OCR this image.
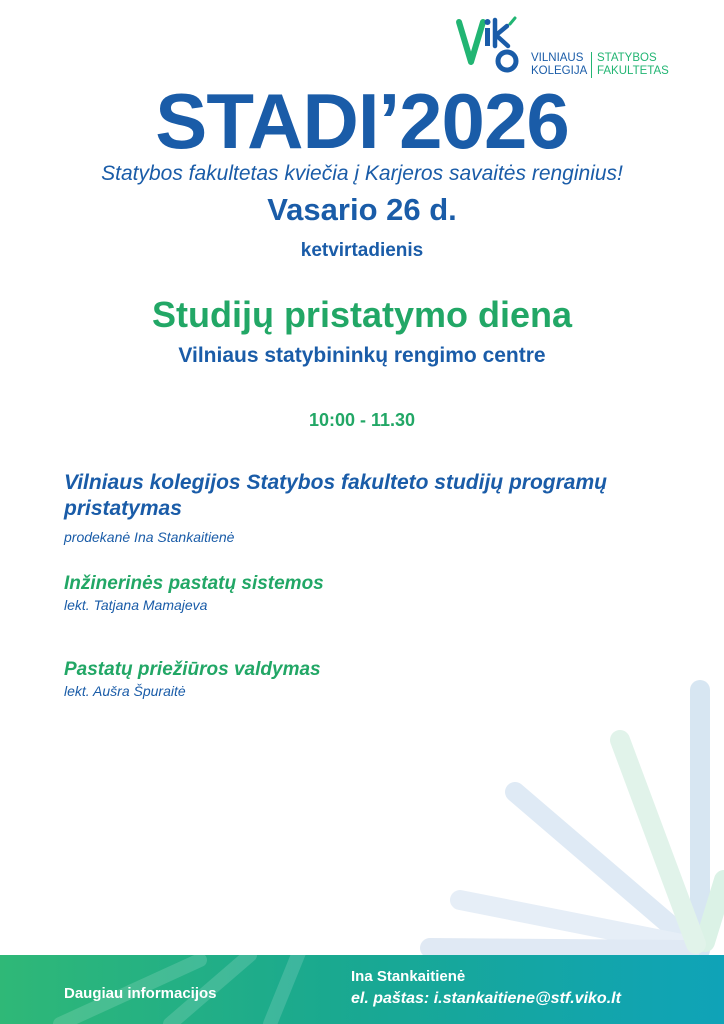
VILNIAUS
KOLEGIJA
STATYBOS
FAKULTETAS
STADI’2026
Statybos fakultetas kviečia į Karjeros savaitės renginius!
Vasario 26 d.
ketvirtadienis
Studijų pristatymo diena
Vilniaus statybininkų rengimo centre
10:00 - 11.30
Vilniaus kolegijos Statybos fakulteto studijų programų pristatymas
prodekanė Ina Stankaitienė
Inžinerinės pastatų sistemos
lekt. Tatjana Mamajeva
Pastatų priežiūros valdymas
lekt. Aušra Špuraitė
Daugiau informacijos
Ina Stankaitienė
el. paštas: i.stankaitiene@stf.viko.lt
